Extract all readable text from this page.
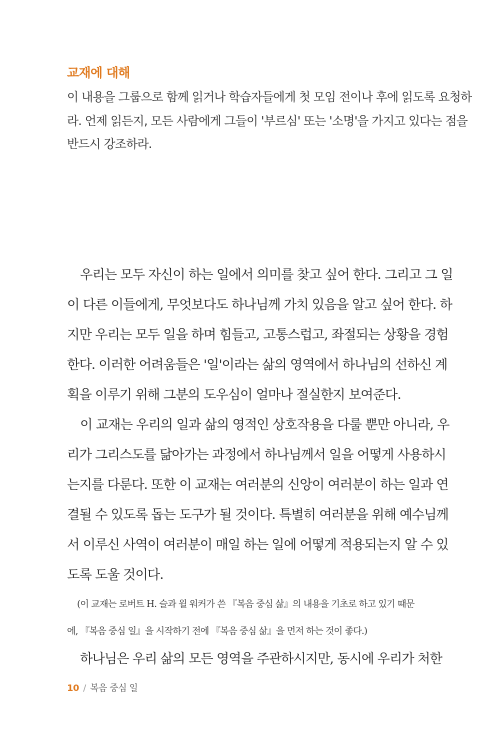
교재에 대해
이 내용을 그룹으로 함께 읽거나 학습자들에게 첫 모임 전이나 후에 읽도록 요청하
라. 언제 읽든지, 모든 사람에게 그들이 '부르심' 또는 '소명'을 가지고 있다는 점을
반드시 강조하라.
우리는 모두 자신이 하는 일에서 의미를 찾고 싶어 한다. 그리고 그 일
이 다른 이들에게, 무엇보다도 하나님께 가치 있음을 알고 싶어 한다. 하
지만 우리는 모두 일을 하며 힘들고, 고통스럽고, 좌절되는 상황을 경험
한다. 이러한 어려움들은 '일'이라는 삶의 영역에서 하나님의 선하신 계
획을 이루기 위해 그분의 도우심이 얼마나 절실한지 보여준다.
이 교재는 우리의 일과 삶의 영적인 상호작용을 다룰 뿐만 아니라, 우
리가 그리스도를 닮아가는 과정에서 하나님께서 일을 어떻게 사용하시
는지를 다룬다. 또한 이 교재는 여러분의 신앙이 여러분이 하는 일과 연
결될 수 있도록 돕는 도구가 될 것이다. 특별히 여러분을 위해 예수님께
서 이루신 사역이 여러분이 매일 하는 일에 어떻게 적용되는지 알 수 있
도록 도울 것이다.
(이 교재는 로버트 H. 슬과 윌 워커가 쓴 『복음 중심 삶』의 내용을 기초로 하고 있기 때문
에, 『복음 중심 일』을 시작하기 전에 『복음 중심 삶』을 먼저 하는 것이 좋다.)
하나님은 우리 삶의 모든 영역을 주관하시지만, 동시에 우리가 처한
10 / 복음 중심 일
